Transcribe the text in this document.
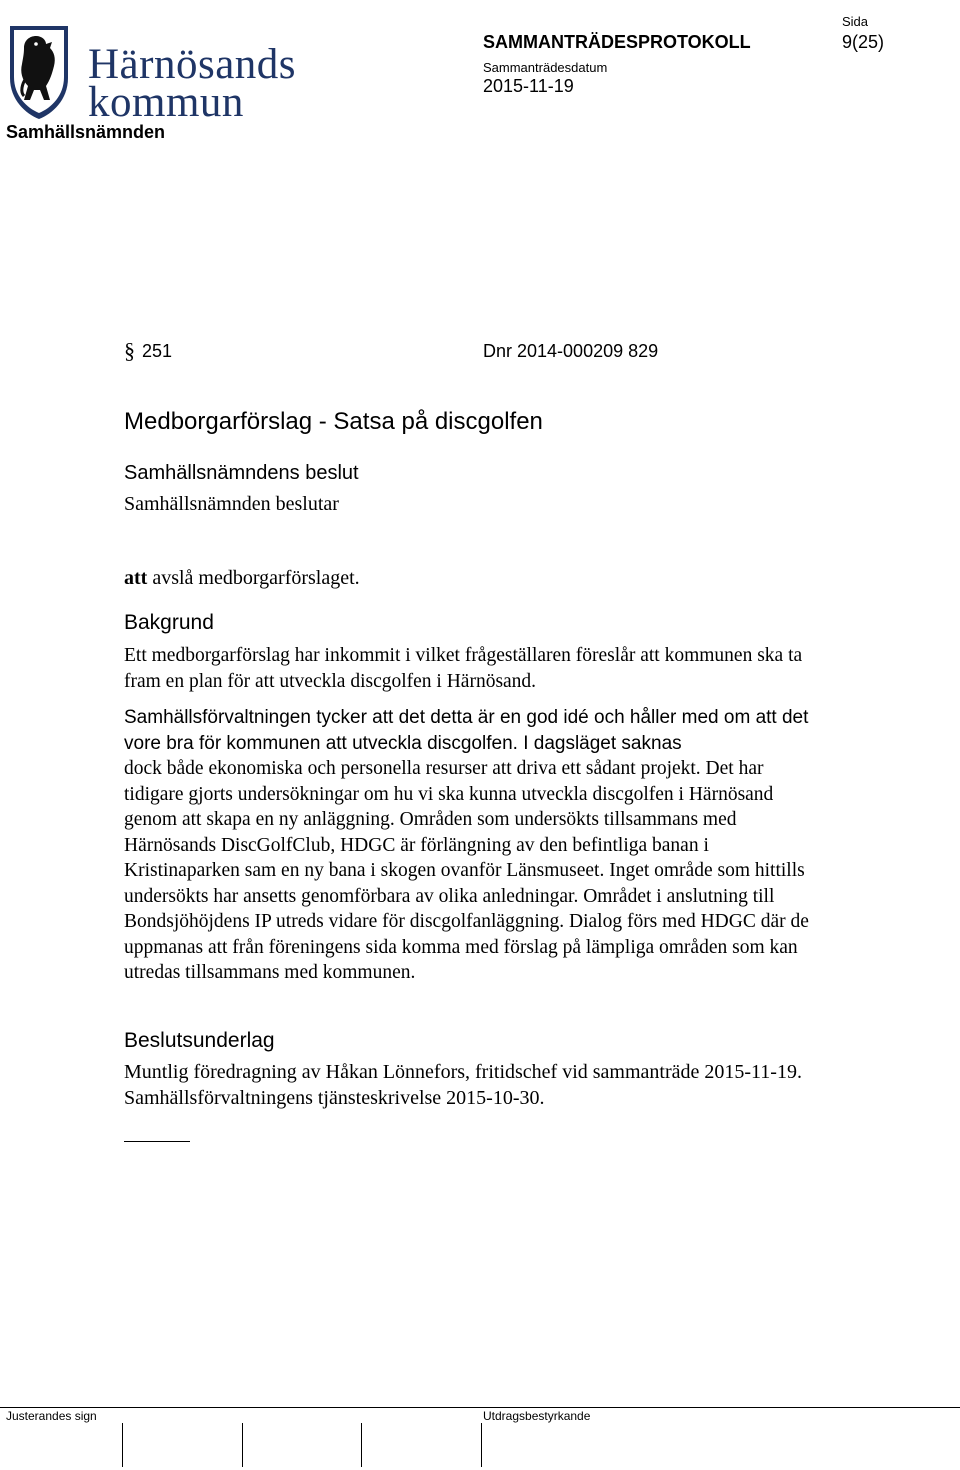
Härnösands
kommun
SAMMANTRÄDESPROTOKOLL
Sammanträdesdatum
2015-11-19
Sida
9(25)
Samhällsnämnden
§ 251	Dnr 2014-000209 829
Medborgarförslag - Satsa på discgolfen
Samhällsnämndens beslut
Samhällsnämnden beslutar
att avslå medborgarförslaget.
Bakgrund
Ett medborgarförslag har inkommit i vilket frågeställaren föreslår att kommunen ska ta fram en plan för att utveckla discgolfen i Härnösand.
Samhällsförvaltningen tycker att det detta är en god idé och håller med om att det vore bra för kommunen att utveckla discgolfen. I dagsläget saknas
dock både ekonomiska och personella resurser att driva ett sådant projekt. Det har tidigare gjorts undersökningar om hu vi ska kunna utveckla discgolfen i Härnösand genom att skapa en ny anläggning. Områden som undersökts tillsammans med Härnösands DiscGolfClub, HDGC är förlängning av den befintliga banan i Kristinaparken sam en ny bana i skogen ovanför Länsmuseet. Inget område som hittills undersökts har ansetts genomförbara av olika anledningar. Området i anslutning till Bondsjöhöjdens IP utreds vidare för discgolfanläggning. Dialog förs med HDGC där de uppmanas att från föreningens sida komma med förslag på lämpliga områden som kan utredas tillsammans med kommunen.
Beslutsunderlag
Muntlig föredragning av Håkan Lönnefors, fritidschef vid sammanträde 2015-11-19. Samhällsförvaltningens tjänsteskrivelse 2015-10-30.
Justerandes sign	Utdragsbestyrkande
